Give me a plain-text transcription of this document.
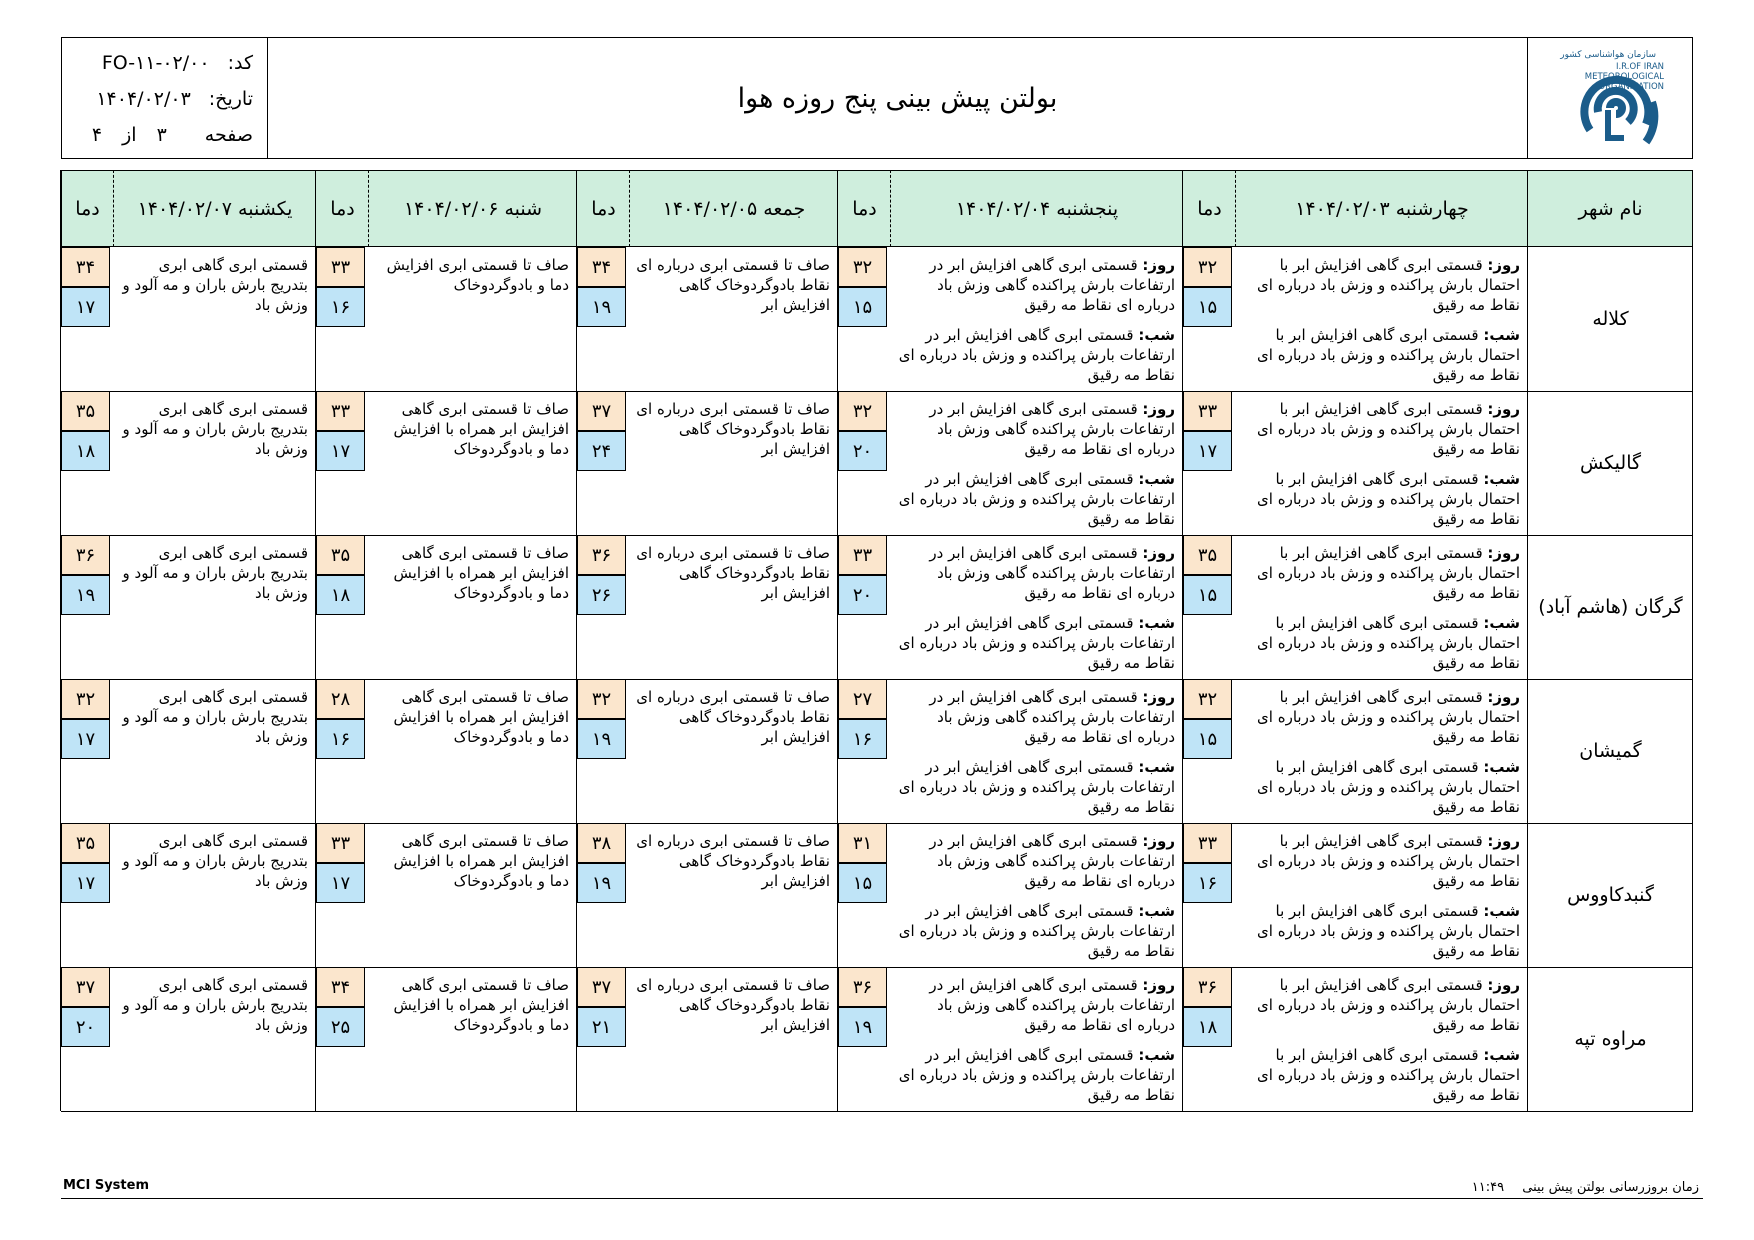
کد:
FO-۱۱-۰۲/۰۰
تاریخ:
۱۴۰۴/۰۲/۰۳
صفحه
۳
از
۴
بولتن پیش بینی پنج روزه هوا
سازمان هواشناسی کشور
I.R.OF IRAN
METEOROLOGICAL
ORGANIZATION
نام شهر
چهارشنبه ۱۴۰۴/۰۲/۰۳
دما
پنجشنبه ۱۴۰۴/۰۲/۰۴
دما
جمعه ۱۴۰۴/۰۲/۰۵
دما
شنبه ۱۴۰۴/۰۲/۰۶
دما
یکشنبه ۱۴۰۴/۰۲/۰۷
دما
کلاله
۳۲
۱۵
روز: قسمتی ابری گاهی افزایش ابر با احتمال بارش پراکنده و وزش باد درباره ای نقاط مه رقیق
شب: قسمتی ابری گاهی افزایش ابر با احتمال بارش پراکنده و وزش باد درباره ای نقاط مه رقیق
۳۲
۱۵
روز: قسمتی ابری گاهی افزایش ابر در ارتفاعات بارش پراکنده گاهی وزش باد درباره ای نقاط مه رقیق
شب: قسمتی ابری گاهی افزایش ابر در ارتفاعات بارش پراکنده و وزش باد درباره ای نقاط مه رقیق
۳۴
۱۹
صاف تا قسمتی ابری درباره ای نقاط بادوگردوخاک گاهی افزایش ابر
۳۳
۱۶
صاف تا قسمتی ابری افزایش دما و بادوگردوخاک
۳۴
۱۷
قسمتی ابری گاهی ابری بتدریج بارش باران و مه آلود و وزش باد
گالیکش
۳۳
۱۷
روز: قسمتی ابری گاهی افزایش ابر با احتمال بارش پراکنده و وزش باد درباره ای نقاط مه رقیق
شب: قسمتی ابری گاهی افزایش ابر با احتمال بارش پراکنده و وزش باد درباره ای نقاط مه رقیق
۳۲
۲۰
روز: قسمتی ابری گاهی افزایش ابر در ارتفاعات بارش پراکنده گاهی وزش باد درباره ای نقاط مه رقیق
شب: قسمتی ابری گاهی افزایش ابر در ارتفاعات بارش پراکنده و وزش باد درباره ای نقاط مه رقیق
۳۷
۲۴
صاف تا قسمتی ابری درباره ای نقاط بادوگردوخاک گاهی افزایش ابر
۳۳
۱۷
صاف تا قسمتی ابری گاهی افزایش ابر همراه با افزایش دما و بادوگردوخاک
۳۵
۱۸
قسمتی ابری گاهی ابری بتدریج بارش باران و مه آلود و وزش باد
گرگان (هاشم آباد)
۳۵
۱۵
روز: قسمتی ابری گاهی افزایش ابر با احتمال بارش پراکنده و وزش باد درباره ای نقاط مه رقیق
شب: قسمتی ابری گاهی افزایش ابر با احتمال بارش پراکنده و وزش باد درباره ای نقاط مه رقیق
۳۳
۲۰
روز: قسمتی ابری گاهی افزایش ابر در ارتفاعات بارش پراکنده گاهی وزش باد درباره ای نقاط مه رقیق
شب: قسمتی ابری گاهی افزایش ابر در ارتفاعات بارش پراکنده و وزش باد درباره ای نقاط مه رقیق
۳۶
۲۶
صاف تا قسمتی ابری درباره ای نقاط بادوگردوخاک گاهی افزایش ابر
۳۵
۱۸
صاف تا قسمتی ابری گاهی افزایش ابر همراه با افزایش دما و بادوگردوخاک
۳۶
۱۹
قسمتی ابری گاهی ابری بتدریج بارش باران و مه آلود و وزش باد
گمیشان
۳۲
۱۵
روز: قسمتی ابری گاهی افزایش ابر با احتمال بارش پراکنده و وزش باد درباره ای نقاط مه رقیق
شب: قسمتی ابری گاهی افزایش ابر با احتمال بارش پراکنده و وزش باد درباره ای نقاط مه رقیق
۲۷
۱۶
روز: قسمتی ابری گاهی افزایش ابر در ارتفاعات بارش پراکنده گاهی وزش باد درباره ای نقاط مه رقیق
شب: قسمتی ابری گاهی افزایش ابر در ارتفاعات بارش پراکنده و وزش باد درباره ای نقاط مه رقیق
۳۲
۱۹
صاف تا قسمتی ابری درباره ای نقاط بادوگردوخاک گاهی افزایش ابر
۲۸
۱۶
صاف تا قسمتی ابری گاهی افزایش ابر همراه با افزایش دما و بادوگردوخاک
۳۲
۱۷
قسمتی ابری گاهی ابری بتدریج بارش باران و مه آلود و وزش باد
گنبدکاووس
۳۳
۱۶
روز: قسمتی ابری گاهی افزایش ابر با احتمال بارش پراکنده و وزش باد درباره ای نقاط مه رقیق
شب: قسمتی ابری گاهی افزایش ابر با احتمال بارش پراکنده و وزش باد درباره ای نقاط مه رقیق
۳۱
۱۵
روز: قسمتی ابری گاهی افزایش ابر در ارتفاعات بارش پراکنده گاهی وزش باد درباره ای نقاط مه رقیق
شب: قسمتی ابری گاهی افزایش ابر در ارتفاعات بارش پراکنده و وزش باد درباره ای نقاط مه رقیق
۳۸
۱۹
صاف تا قسمتی ابری درباره ای نقاط بادوگردوخاک گاهی افزایش ابر
۳۳
۱۷
صاف تا قسمتی ابری گاهی افزایش ابر همراه با افزایش دما و بادوگردوخاک
۳۵
۱۷
قسمتی ابری گاهی ابری بتدریج بارش باران و مه آلود و وزش باد
مراوه تپه
۳۶
۱۸
روز: قسمتی ابری گاهی افزایش ابر با احتمال بارش پراکنده و وزش باد درباره ای نقاط مه رقیق
شب: قسمتی ابری گاهی افزایش ابر با احتمال بارش پراکنده و وزش باد درباره ای نقاط مه رقیق
۳۶
۱۹
روز: قسمتی ابری گاهی افزایش ابر در ارتفاعات بارش پراکنده گاهی وزش باد درباره ای نقاط مه رقیق
شب: قسمتی ابری گاهی افزایش ابر در ارتفاعات بارش پراکنده و وزش باد درباره ای نقاط مه رقیق
۳۷
۲۱
صاف تا قسمتی ابری درباره ای نقاط بادوگردوخاک گاهی افزایش ابر
۳۴
۲۵
صاف تا قسمتی ابری گاهی افزایش ابر همراه با افزایش دما و بادوگردوخاک
۳۷
۲۰
قسمتی ابری گاهی ابری بتدریج بارش باران و مه آلود و وزش باد
MCI System	زمان بروزرسانی بولتن پیش بینی ۱۱:۴۹
